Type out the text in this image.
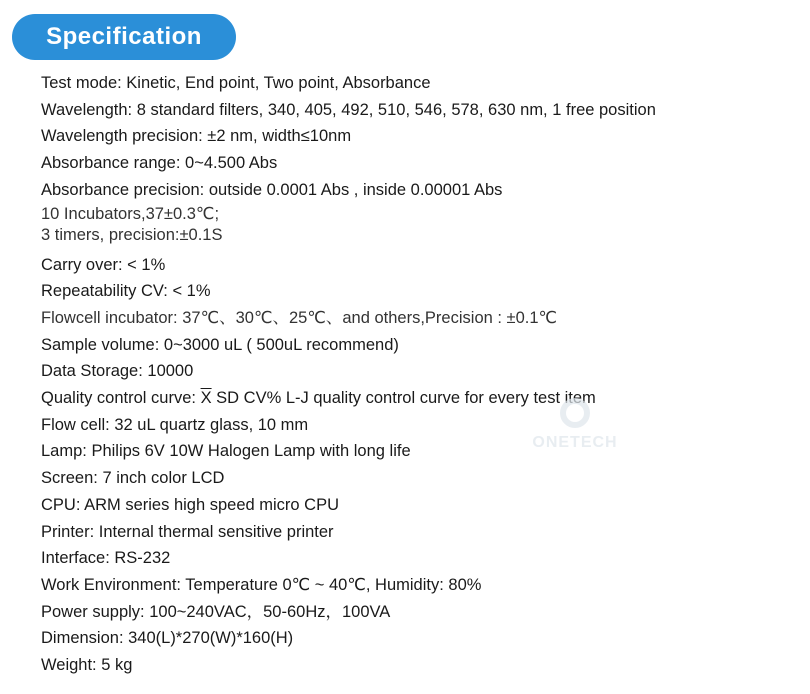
Specification
Test mode: Kinetic, End point, Two point, Absorbance
Wavelength: 8 standard filters, 340, 405, 492, 510, 546, 578, 630 nm, 1 free position
Wavelength precision: ±2 nm, width≤10nm
Absorbance range: 0~4.500 Abs
Absorbance precision: outside 0.0001 Abs , inside 0.00001 Abs
10 Incubators,37±0.3℃;
3 timers, precision:±0.1S
Carry over: < 1%
Repeatability CV: < 1%
Flowcell incubator: 37℃、30℃、25℃、and others,Precision : ±0.1℃
Sample volume: 0~3000 uL ( 500uL recommend)
Data Storage: 10000
Quality control curve: $\overline{X}$ SD CV% L-J quality control curve for every test item
Flow cell: 32 uL quartz glass, 10 mm
Lamp: Philips 6V 10W Halogen Lamp with long life
Screen: 7 inch color LCD
CPU: ARM series high speed micro CPU
Printer: Internal thermal sensitive printer
Interface: RS-232
Work Environment: Temperature 0℃ ~ 40℃, Humidity: 80%
Power supply: 100~240VAC，50-60Hz，100VA
Dimension: 340(L)*270(W)*160(H)
Weight: 5 kg
ONETECH
